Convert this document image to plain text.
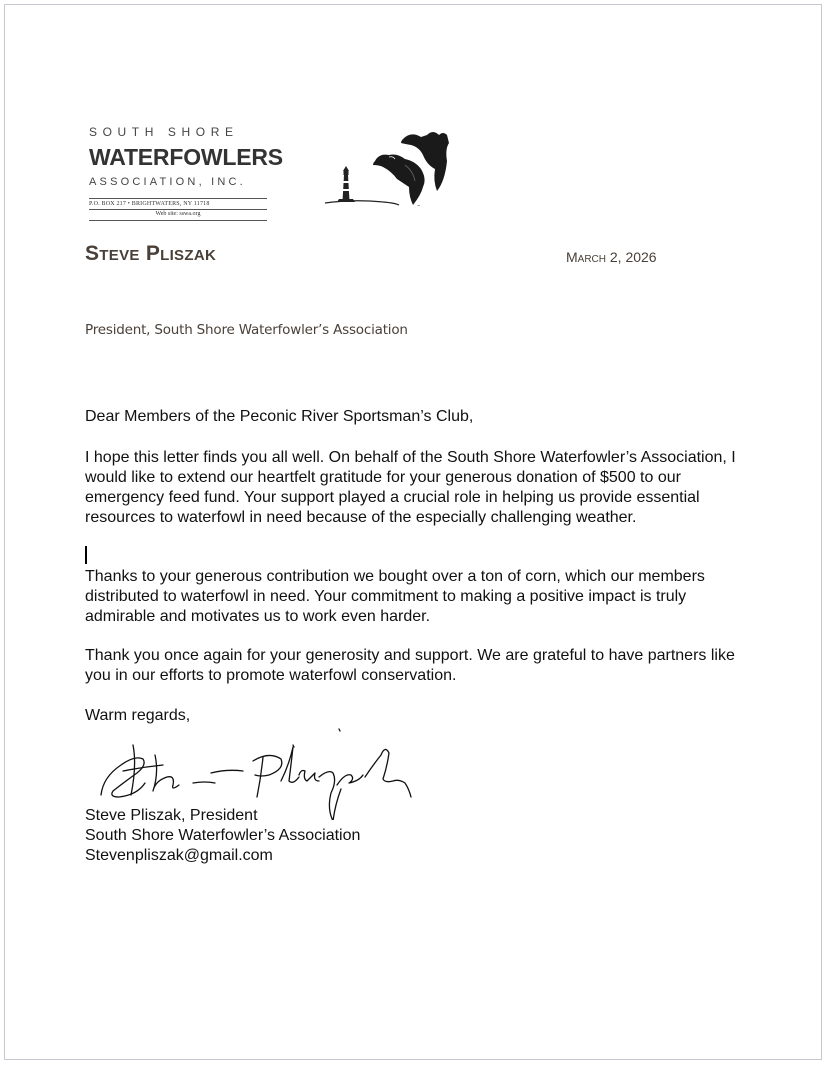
SOUTH SHORE
WATERFOWLERS
ASSOCIATION, INC.
P.O. BOX 217 • BRIGHTWATERS, NY 11718
Web site: sswa.org
™
Steve Pliszak	March 2, 2026
President, South Shore Waterfowler’s Association
Dear Members of the Peconic River Sportsman’s Club,
I hope this letter finds you all well. On behalf of the South Shore Waterfowler’s Association, I would like to extend our heartfelt gratitude for your generous donation of $500 to our emergency feed fund. Your support played a crucial role in helping us provide essential resources to waterfowl in need because of the especially challenging weather.
Thanks to your generous contribution we bought over a ton of corn, which our members distributed to waterfowl in need. Your commitment to making a positive impact is truly admirable and motivates us to work even harder.
Thank you once again for your generosity and support. We are grateful to have partners like you in our efforts to promote waterfowl conservation.
Warm regards,
Steve Pliszak, President
South Shore Waterfowler’s Association
Stevenpliszak@gmail.com
